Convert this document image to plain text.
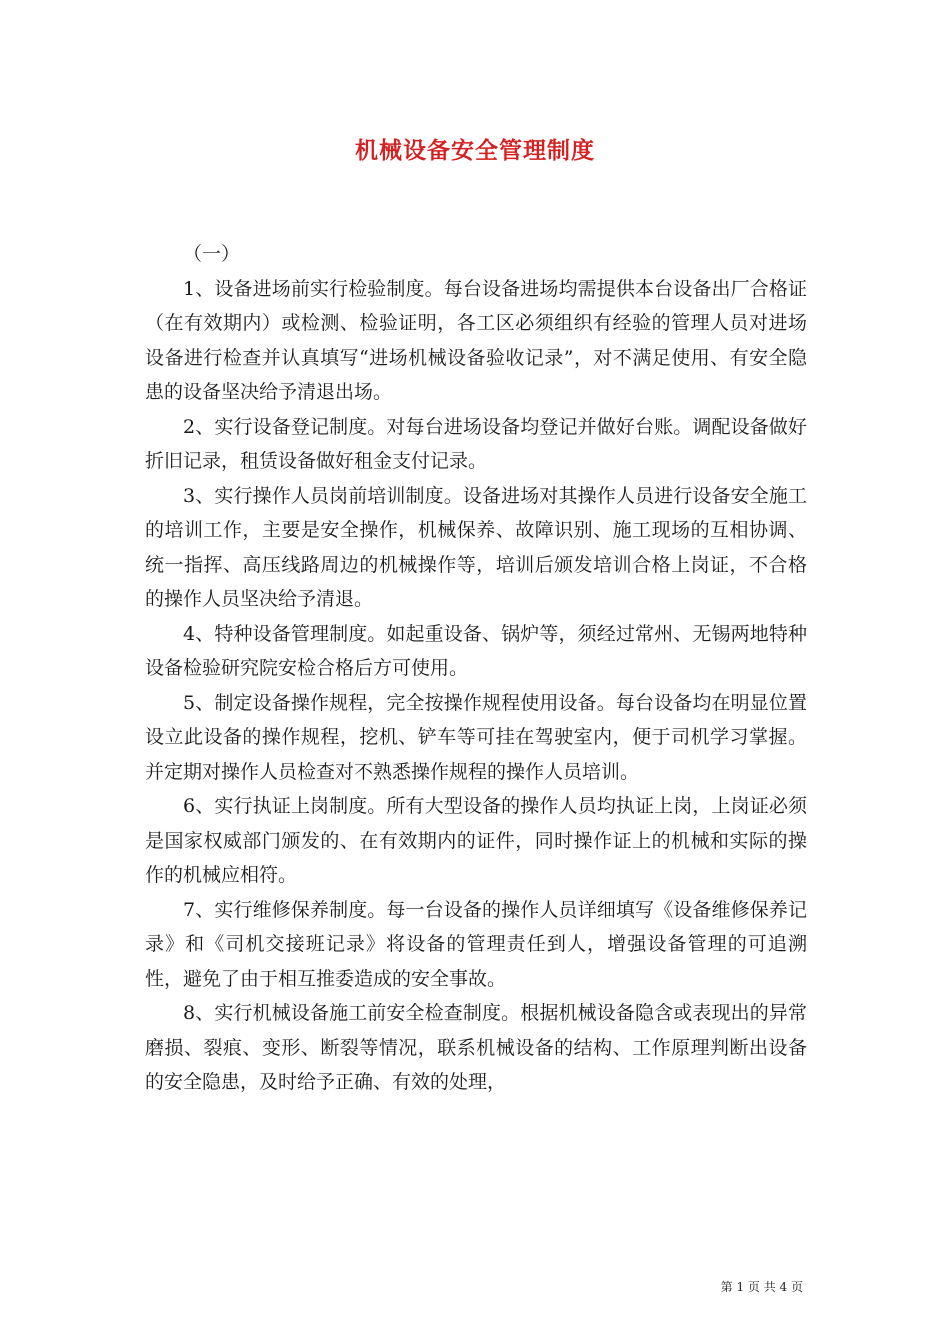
机械设备安全管理制度

（一）

1、设备进场前实行检验制度。每台设备进场均需提供本台设备出厂合格证（在有效期内）或检测、检验证明，各工区必须组织有经验的管理人员对进场设备进行检查并认真填写“进场机械设备验收记录”，对不满足使用、有安全隐患的设备坚决给予清退出场。

2、实行设备登记制度。对每台进场设备均登记并做好台账。调配设备做好折旧记录，租赁设备做好租金支付记录。

3、实行操作人员岗前培训制度。设备进场对其操作人员进行设备安全施工的培训工作，主要是安全操作，机械保养、故障识别、施工现场的互相协调、统一指挥、高压线路周边的机械操作等，培训后颁发培训合格上岗证，不合格的操作人员坚决给予清退。

4、特种设备管理制度。如起重设备、锅炉等，须经过常州、无锡两地特种设备检验研究院安检合格后方可使用。

5、制定设备操作规程，完全按操作规程使用设备。每台设备均在明显位置设立此设备的操作规程，挖机、铲车等可挂在驾驶室内，便于司机学习掌握。并定期对操作人员检查对不熟悉操作规程的操作人员培训。

6、实行执证上岗制度。所有大型设备的操作人员均执证上岗，上岗证必须是国家权威部门颁发的、在有效期内的证件，同时操作证上的机械和实际的操作的机械应相符。

7、实行维修保养制度。每一台设备的操作人员详细填写《设备维修保养记录》和《司机交接班记录》将设备的管理责任到人，增强设备管理的可追溯性，避免了由于相互推委造成的安全事故。

8、实行机械设备施工前安全检查制度。根据机械设备隐含或表现出的异常磨损、裂痕、变形、断裂等情况，联系机械设备的结构、工作原理判断出设备的安全隐患，及时给予正确、有效的处理，

第 1 页 共 4 页
